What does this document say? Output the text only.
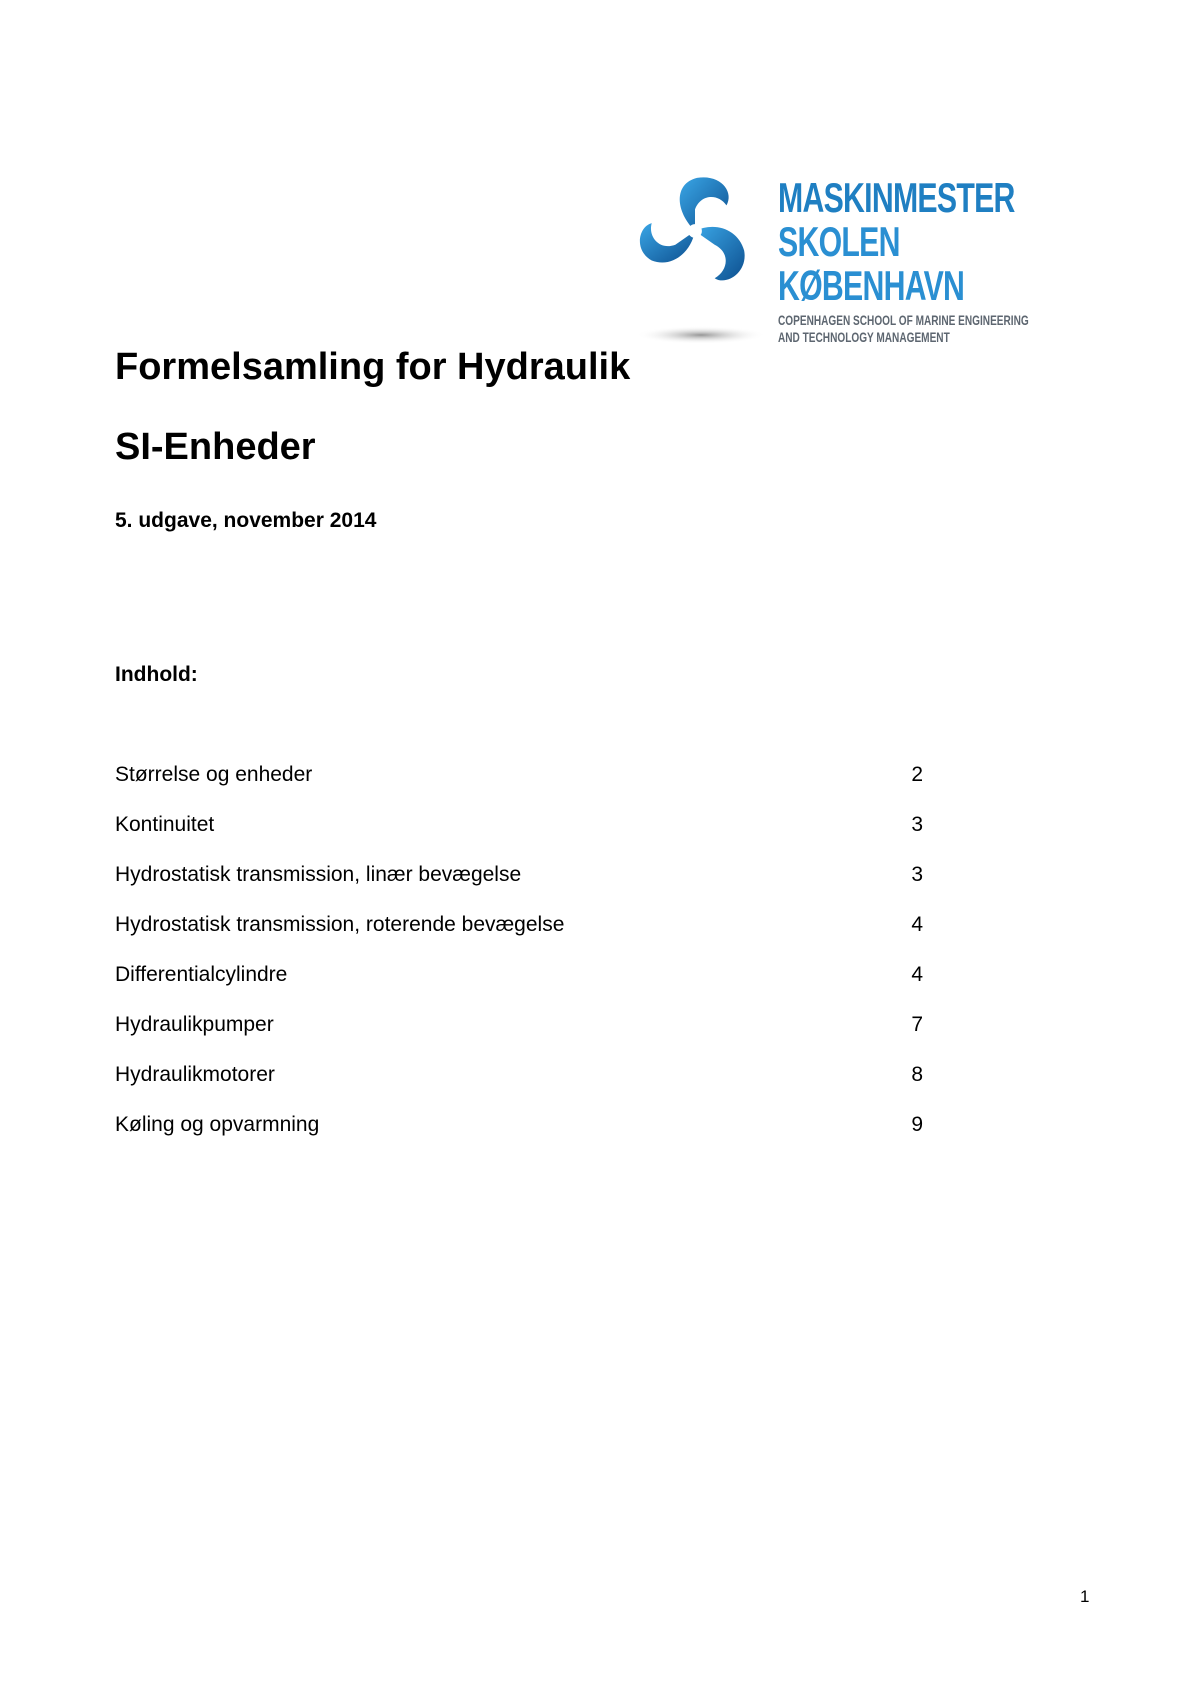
MASKINMESTER
SKOLEN
KØBENHAVN
COPENHAGEN SCHOOL OF MARINE ENGINEERING
AND TECHNOLOGY MANAGEMENT
Formelsamling for Hydraulik
SI-Enheder
5. udgave, november 2014
Indhold:
Størrelse og enheder	2
Kontinuitet	3
Hydrostatisk transmission, linær bevægelse	3
Hydrostatisk transmission, roterende bevægelse	4
Differentialcylindre	4
Hydraulikpumper	7
Hydraulikmotorer	8
Køling og opvarmning	9
1
